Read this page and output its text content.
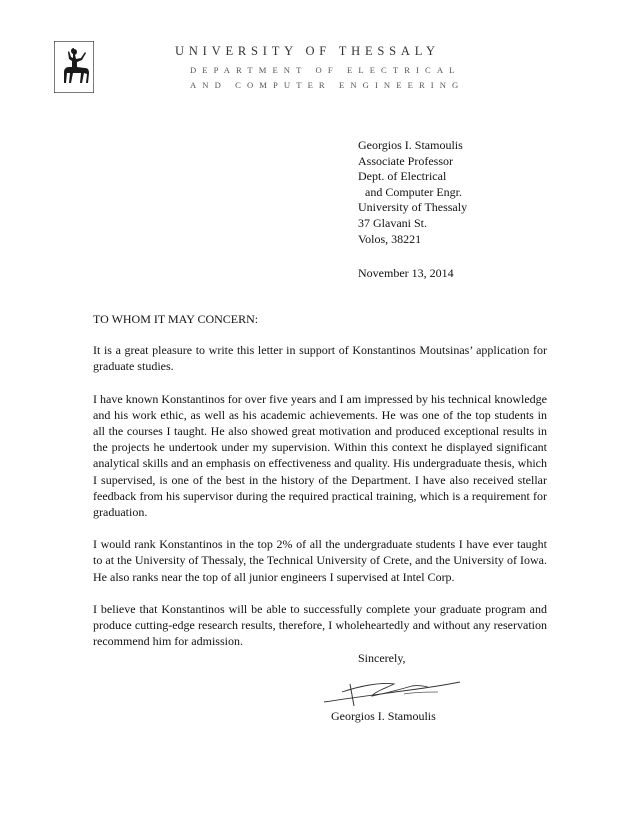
UNIVERSITY OF THESSALY
DEPARTMENT OF ELECTRICAL
AND COMPUTER ENGINEERING
Georgios I. Stamoulis
Associate Professor
Dept. of Electrical
and Computer Engr.
University of Thessaly
37 Glavani St.
Volos, 38221
November 13, 2014

TO WHOM IT MAY CONCERN:

It is a great pleasure to write this letter in support of Konstantinos Moutsinas’ application for graduate studies.

I have known Konstantinos for over five years and I am impressed by his technical knowledge and his work ethic, as well as his academic achievements. He was one of the top students in all the courses I taught. He also showed great motivation and produced exceptional results in the projects he undertook under my supervision. Within this context he displayed significant analytical skills and an emphasis on effectiveness and quality. His undergraduate thesis, which I supervised, is one of the best in the history of the Department. I have also received stellar feedback from his supervisor during the required practical training, which is a requirement for graduation.

I would rank Konstantinos in the top 2% of all the undergraduate students I have ever taught to at the University of Thessaly, the Technical University of Crete, and the University of Iowa. He also ranks near the top of all junior engineers I supervised at Intel Corp.

I believe that Konstantinos will be able to successfully complete your graduate program and produce cutting-edge research results, therefore, I wholeheartedly and without any reservation recommend him for admission.

Sincerely,
Georgios I. Stamoulis
